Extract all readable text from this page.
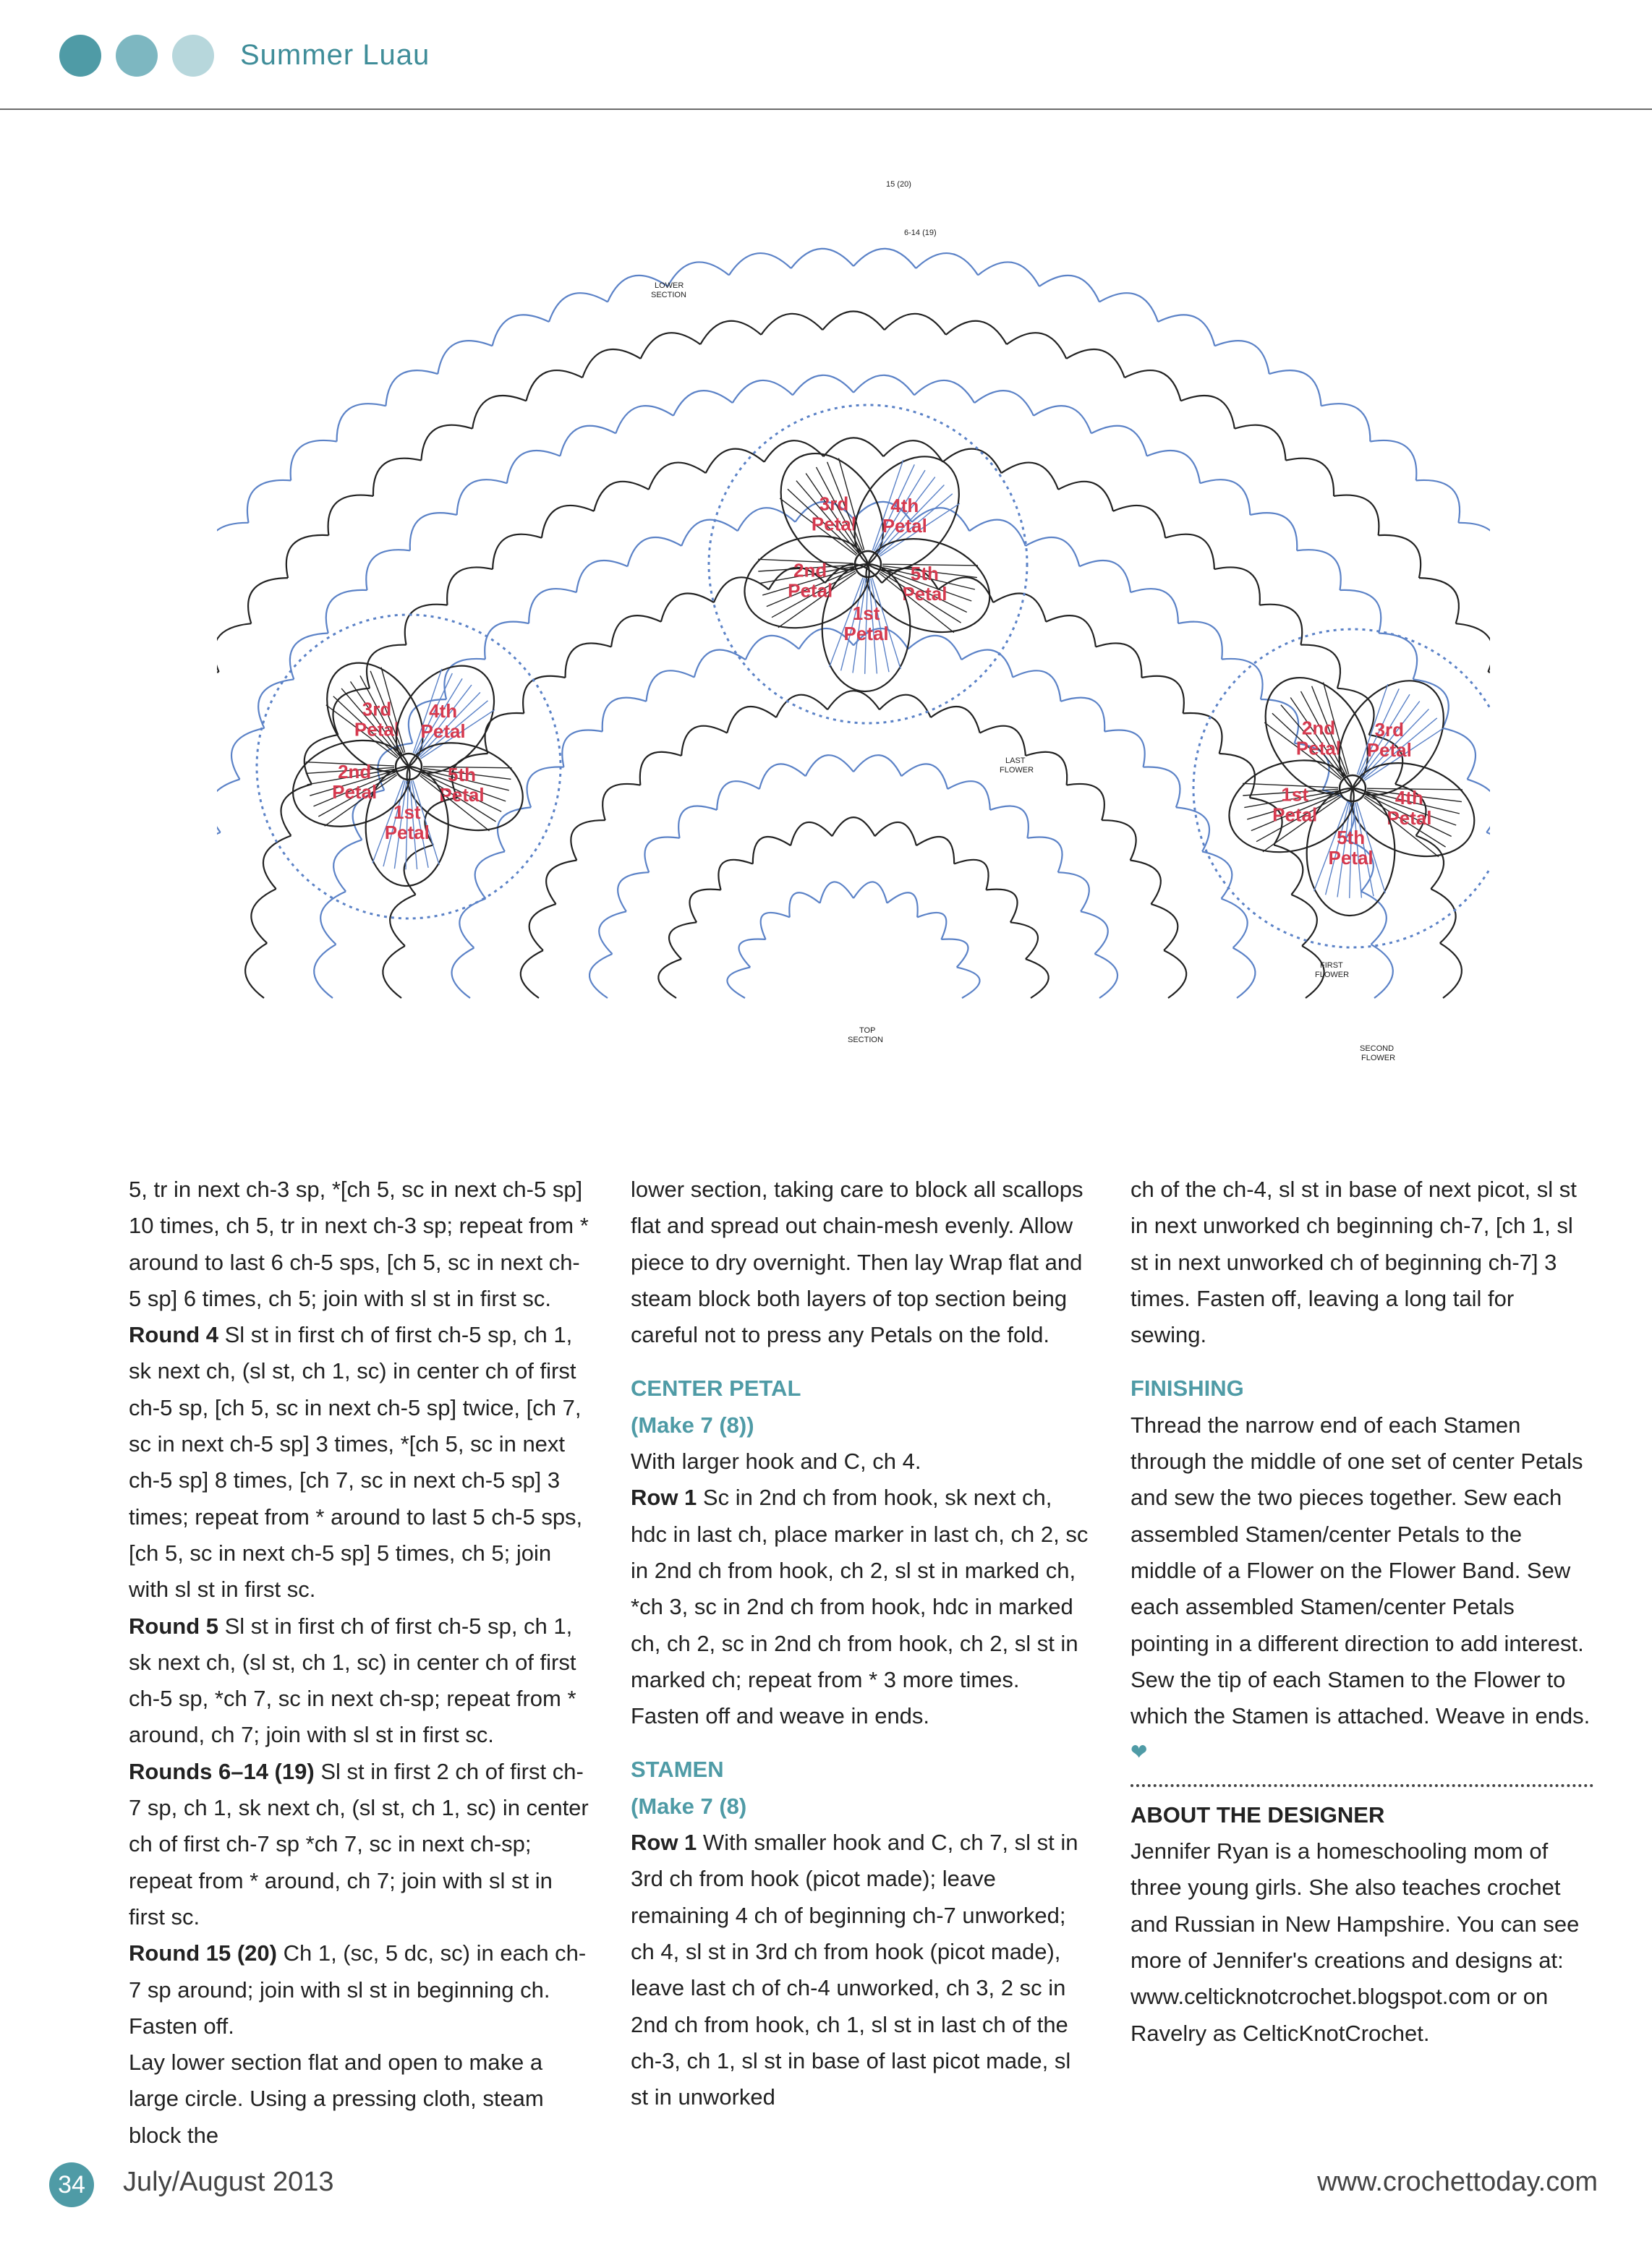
Summer Luau
3rd
Petal
4th
Petal
5th
Petal
1st
Petal
2nd
Petal
3rd
Petal
4th
Petal
5th
Petal
1st
Petal
2nd
Petal
2nd
Petal
3rd
Petal
4th
Petal
5th
Petal
1st
Petal
15 (20)
6-14 (19)
LOWER
SECTION
LAST
FLOWER
FIRST
FLOWER
SECOND
FLOWER
TOP
SECTION

5, tr in next ch-3 sp, *[ch 5, sc in next ch-5 sp] 10 times, ch 5, tr in next ch-3 sp; repeat from * around to last 6 ch-5 sps, [ch 5, sc in next ch-5 sp] 6 times, ch 5; join with sl st in first sc.

Round 4 Sl st in first ch of first ch-5 sp, ch 1, sk next ch, (sl st, ch 1, sc) in center ch of first ch-5 sp, [ch 5, sc in next ch-5 sp] twice, [ch 7, sc in next ch-5 sp] 3 times, *[ch 5, sc in next ch-5 sp] 8 times, [ch 7, sc in next ch-5 sp] 3 times; repeat from * around to last 5 ch-5 sps, [ch 5, sc in next ch-5 sp] 5 times, ch 5; join with sl st in first sc.

Round 5 Sl st in first ch of first ch-5 sp, ch 1, sk next ch, (sl st, ch 1, sc) in center ch of first ch-5 sp, *ch 7, sc in next ch-sp; repeat from * around, ch 7; join with sl st in first sc.

Rounds 6–14 (19) Sl st in first 2 ch of first ch-7 sp, ch 1, sk next ch, (sl st, ch 1, sc) in center ch of first ch-7 sp *ch 7, sc in next ch-sp; repeat from * around, ch 7; join with sl st in first sc.

Round 15 (20) Ch 1, (sc, 5 dc, sc) in each ch-7 sp around; join with sl st in beginning ch. Fasten off.

Lay lower section flat and open to make a large circle. Using a pressing cloth, steam block the

lower section, taking care to block all scallops flat and spread out chain-mesh evenly. Allow piece to dry overnight. Then lay Wrap flat and steam block both layers of top section being careful not to press any Petals on the fold.

CENTER PETAL

(Make 7 (8))

With larger hook and C, ch 4.

Row 1 Sc in 2nd ch from hook, sk next ch, hdc in last ch, place marker in last ch, ch 2, sc in 2nd ch from hook, ch 2, sl st in marked ch, *ch 3, sc in 2nd ch from hook, hdc in marked ch, ch 2, sc in 2nd ch from hook, ch 2, sl st in marked ch; repeat from * 3 more times. Fasten off and weave in ends.

STAMEN

(Make 7 (8)

Row 1 With smaller hook and C, ch 7, sl st in 3rd ch from hook (picot made); leave remaining 4 ch of beginning ch-7 unworked; ch 4, sl st in 3rd ch from hook (picot made), leave last ch of ch-4 unworked, ch 3, 2 sc in 2nd ch from hook, ch 1, sl st in last ch of the ch-3, ch 1, sl st in base of last picot made, sl st in unworked

ch of the ch-4, sl st in base of next picot, sl st in next unworked ch beginning ch-7, [ch 1, sl st in next unworked ch of beginning ch-7] 3 times. Fasten off, leaving a long tail for sewing.

FINISHING

Thread the narrow end of each Stamen through the middle of one set of center Petals and sew the two pieces together. Sew each assembled Stamen/center Petals to the middle of a Flower on the Flower Band. Sew each assembled Stamen/center Petals pointing in a different direction to add interest. Sew the tip of each Stamen to the Flower to which the Stamen is attached. Weave in ends. ❤

ABOUT THE DESIGNER

Jennifer Ryan is a homeschooling mom of three young girls. She also teaches crochet and Russian in New Hampshire. You can see more of Jennifer's creations and designs at: www.celticknotcrochet.blogspot.com or on Ravelry as CelticKnotCrochet.

34	July/August 2013	www.crochettoday.com
